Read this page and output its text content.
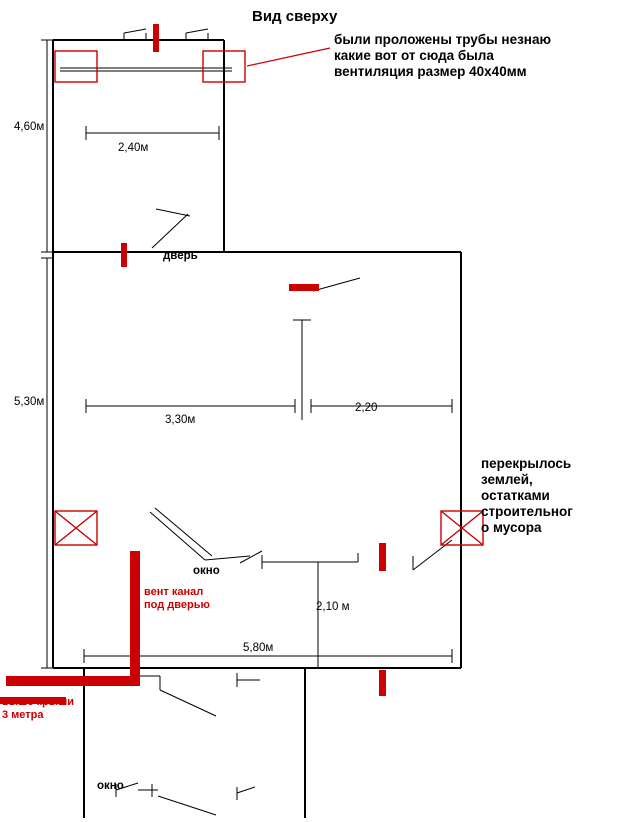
Вид сверху
были проложены трубы незнаю
какие вот от сюда была
вентиляция размер 40х40мм
перекрылось
землей,
остатками
строительног
о мусора
вент канал
под дверью
выше крыши
3 метра
дверь
окно
окно
4,60м
2,40м
5,30м
3,30м
2,20
2,10 м
5,80м
